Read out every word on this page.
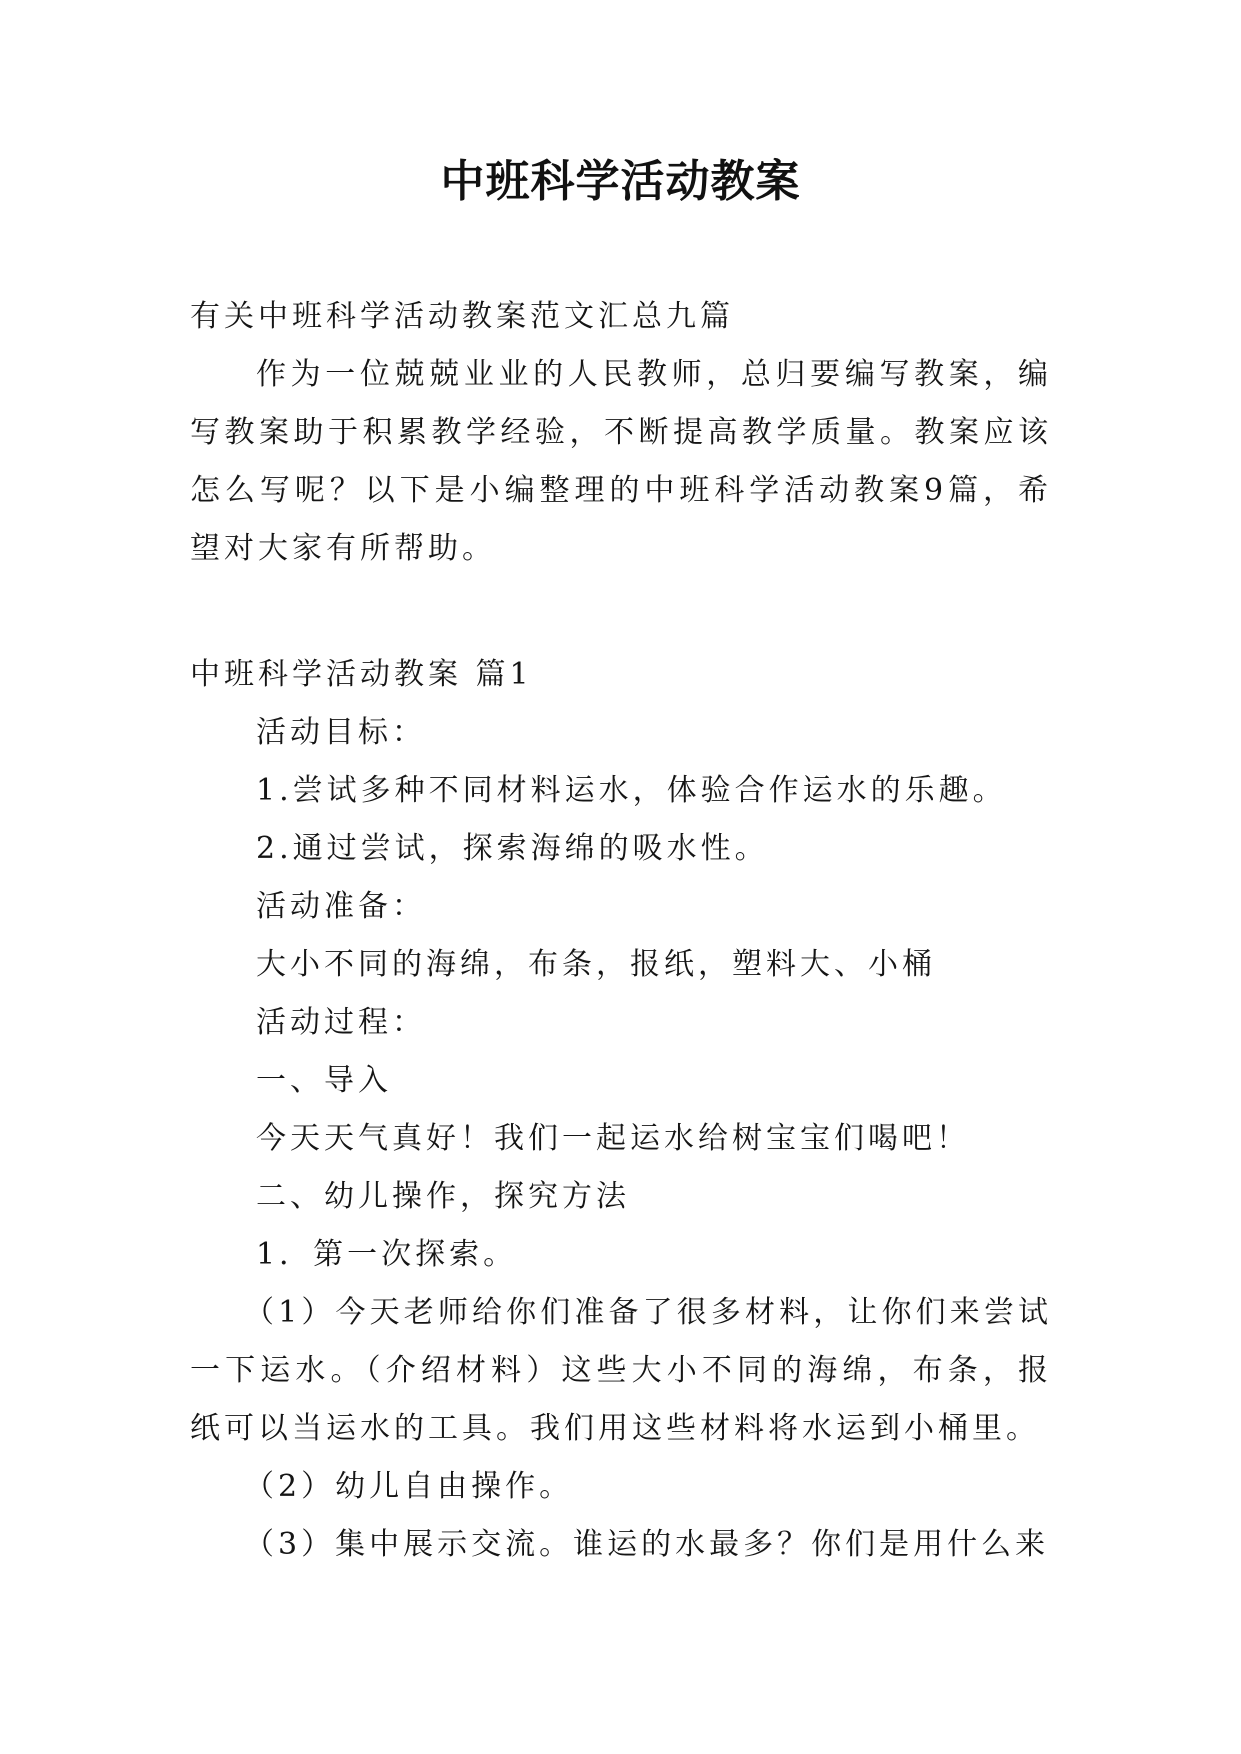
中班科学活动教案

有关中班科学活动教案范文汇总九篇

作为一位兢兢业业的人民教师，总归要编写教案，编写教案助于积累教学经验，不断提高教学质量。教案应该怎么写呢？以下是小编整理的中班科学活动教案9篇，希望对大家有所帮助。

中班科学活动教案 篇1

活动目标：

1.尝试多种不同材料运水，体验合作运水的乐趣。

2.通过尝试，探索海绵的吸水性。

活动准备：

大小不同的海绵，布条，报纸，塑料大、小桶

活动过程：

一、导入

今天天气真好！我们一起运水给树宝宝们喝吧！

二、幼儿操作，探究方法

1．第一次探索。

（1）今天老师给你们准备了很多材料，让你们来尝试一下运水。（介绍材料）这些大小不同的海绵，布条，报纸可以当运水的工具。我们用这些材料将水运到小桶里。

（2）幼儿自由操作。

（3）集中展示交流。谁运的水最多？你们是用什么来
